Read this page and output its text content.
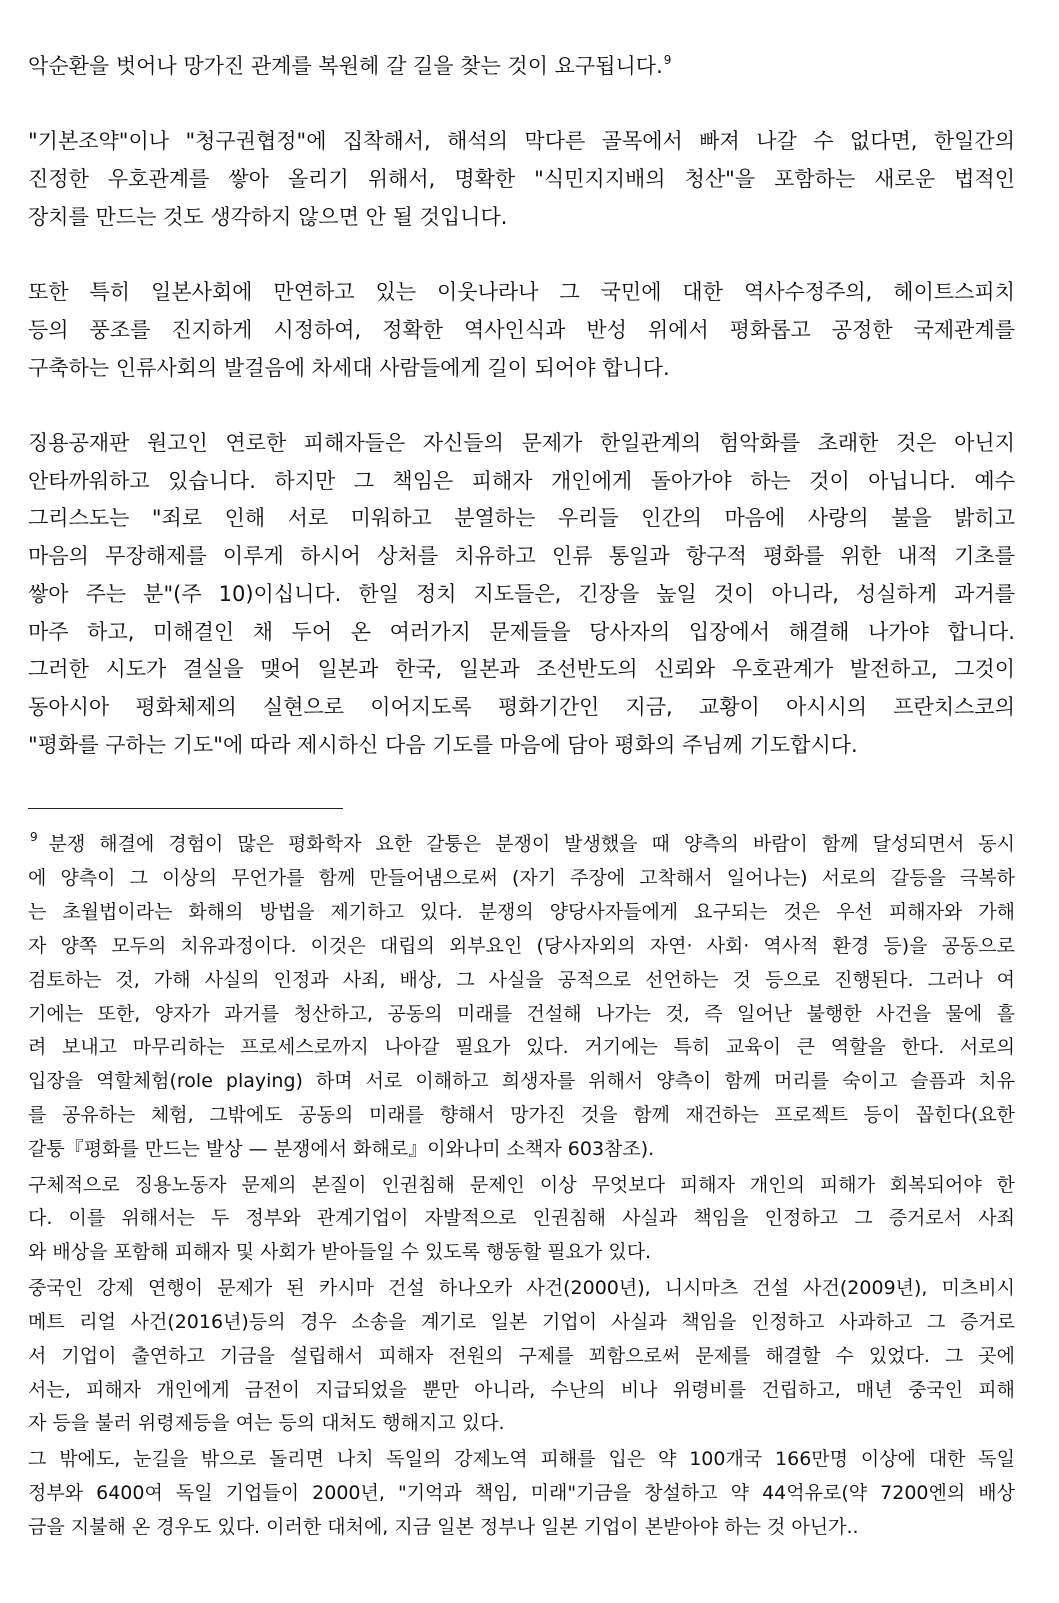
악순환을 벗어나 망가진 관계를 복원헤 갈 길을 찾는 것이 요구됩니다.$^9$
"기본조약"이나 "청구권협정"에 집착해서, 해석의 막다른 골목에서 빠져 나갈 수 없다면, 한일간의
진정한 우호관계를 쌓아 올리기 위해서, 명확한 "식민지지배의 청산"을 포함하는 새로운 법적인
장치를 만드는 것도 생각하지 않으면 안 될 것입니다.
또한 특히 일본사회에 만연하고 있는 이웃나라나 그 국민에 대한 역사수정주의, 헤이트스피치
등의 풍조를 진지하게 시정하여, 정확한 역사인식과 반성 위에서 평화롭고 공정한 국제관계를
구축하는 인류사회의 발걸음에 차세대 사람들에게 길이 되어야 합니다.
징용공재판 원고인 연로한 피해자들은 자신들의 문제가 한일관계의 험악화를 초래한 것은 아닌지
안타까워하고 있습니다. 하지만 그 책임은 피해자 개인에게 돌아가야 하는 것이 아닙니다. 예수
그리스도는 "죄로 인해 서로 미워하고 분열하는 우리들 인간의 마음에 사랑의 불을 밝히고
마음의 무장해제를 이루게 하시어 상처를 치유하고 인류 통일과 항구적 평화를 위한 내적 기초를
쌓아 주는 분"(주 10)이십니다. 한일 정치 지도들은, 긴장을 높일 것이 아니라, 성실하게 과거를
마주 하고, 미해결인 채 두어 온 여러가지 문제들을 당사자의 입장에서 해결해 나가야 합니다.
그러한 시도가 결실을 맺어 일본과 한국, 일본과 조선반도의 신뢰와 우호관계가 발전하고, 그것이
동아시아 평화체제의 실현으로 이어지도록 평화기간인 지금, 교황이 아시시의 프란치스코의
"평화를 구하는 기도"에 따라 제시하신 다음 기도를 마음에 담아 평화의 주님께 기도합시다.
$^9$ 분쟁 해결에 경험이 많은 평화학자 요한 갈퉁은 분쟁이 발생했을 때 양측의 바람이 함께 달성되면서 동시
에 양측이 그 이상의 무언가를 함께 만들어냄으로써 (자기 주장에 고착해서 일어나는) 서로의 갈등을 극복하
는 초월법이라는 화해의 방법을 제기하고 있다. 분쟁의 양당사자들에게 요구되는 것은 우선 피해자와 가해
자 양쪽 모두의 치유과정이다. 이것은 대립의 외부요인 (당사자외의 자연· 사회· 역사적 환경 등)을 공동으로
검토하는 것, 가해 사실의 인정과 사죄, 배상, 그 사실을 공적으로 선언하는 것 등으로 진행된다. 그러나 여
기에는 또한, 양자가 과거를 청산하고, 공동의 미래를 건설해 나가는 것, 즉 일어난 불행한 사건을 물에 흘
려 보내고 마무리하는 프로세스로까지 나아갈 필요가 있다. 거기에는 특히 교육이 큰 역할을 한다. 서로의
입장을 역할체험(role playing) 하며 서로 이해하고 희생자를 위해서 양측이 함께 머리를 숙이고 슬픔과 치유
를 공유하는 체험, 그밖에도 공동의 미래를 향해서 망가진 것을 함께 재건하는 프로젝트 등이 꼽힌다(요한
갈퉁『평화를 만드는 발상 — 분쟁에서 화해로』이와나미 소책자 603참조).
구체적으로 징용노동자 문제의 본질이 인권침해 문제인 이상 무엇보다 피해자 개인의 피해가 회복되어야 한
다. 이를 위해서는 두 정부와 관계기업이 자발적으로 인권침해 사실과 책임을 인정하고 그 증거로서 사죄
와 배상을 포함해 피해자 및 사회가 받아들일 수 있도록 행동할 필요가 있다.
중국인 강제 연행이 문제가 된 카시마 건설 하나오카 사건(2000년), 니시마츠 건설 사건(2009년), 미츠비시
메트 리얼 사건(2016년)등의 경우 소송을 계기로 일본 기업이 사실과 책임을 인정하고 사과하고 그 증거로
서 기업이 출연하고 기금을 설립해서 피해자 전원의 구제를 꾀함으로써 문제를 해결할 수 있었다. 그 곳에
서는, 피해자 개인에게 금전이 지급되었을 뿐만 아니라, 수난의 비나 위령비를 건립하고, 매년 중국인 피해
자 등을 불러 위령제등을 여는 등의 대처도 행해지고 있다.
그 밖에도, 눈길을 밖으로 돌리면 나치 독일의 강제노역 피해를 입은 약 100개국 166만명 이상에 대한 독일
정부와 6400여 독일 기업들이 2000년, "기억과 책임, 미래"기금을 창설하고 약 44억유로(약 7200엔의 배상
금을 지불해 온 경우도 있다. 이러한 대처에, 지금 일본 정부나 일본 기업이 본받아야 하는 것 아닌가..
